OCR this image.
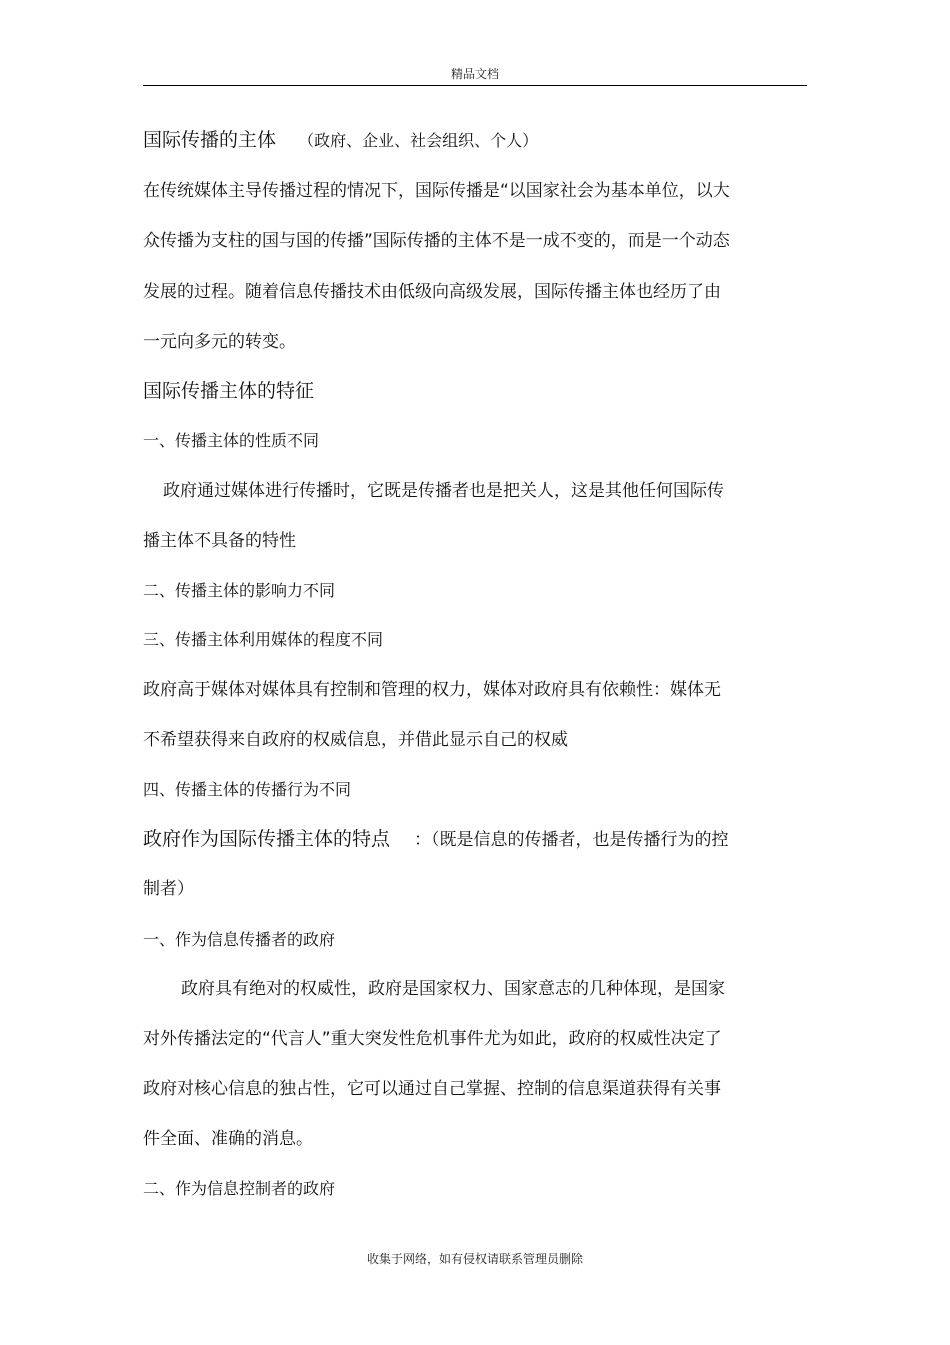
精品文档
国际传播的主体 （政府、企业、社会组织、个人）
在传统媒体主导传播过程的情况下，国际传播是“以国家社会为基本单位，以大
众传播为支柱的国与国的传播”国际传播的主体不是一成不变的，而是一个动态
发展的过程。随着信息传播技术由低级向高级发展，国际传播主体也经历了由
一元向多元的转变。
国际传播主体的特征
一、传播主体的性质不同
政府通过媒体进行传播时，它既是传播者也是把关人，这是其他任何国际传
播主体不具备的特性
二、传播主体的影响力不同
三、传播主体利用媒体的程度不同
政府高于媒体对媒体具有控制和管理的权力，媒体对政府具有依赖性：媒体无
不希望获得来自政府的权威信息，并借此显示自己的权威
四、传播主体的传播行为不同
政府作为国际传播主体的特点 ：（既是信息的传播者，也是传播行为的控
制者）
一、作为信息传播者的政府
政府具有绝对的权威性，政府是国家权力、国家意志的几种体现，是国家
对外传播法定的“代言人”重大突发性危机事件尤为如此，政府的权威性决定了
政府对核心信息的独占性，它可以通过自己掌握、控制的信息渠道获得有关事
件全面、准确的消息。
二、作为信息控制者的政府
收集于网络，如有侵权请联系管理员删除
